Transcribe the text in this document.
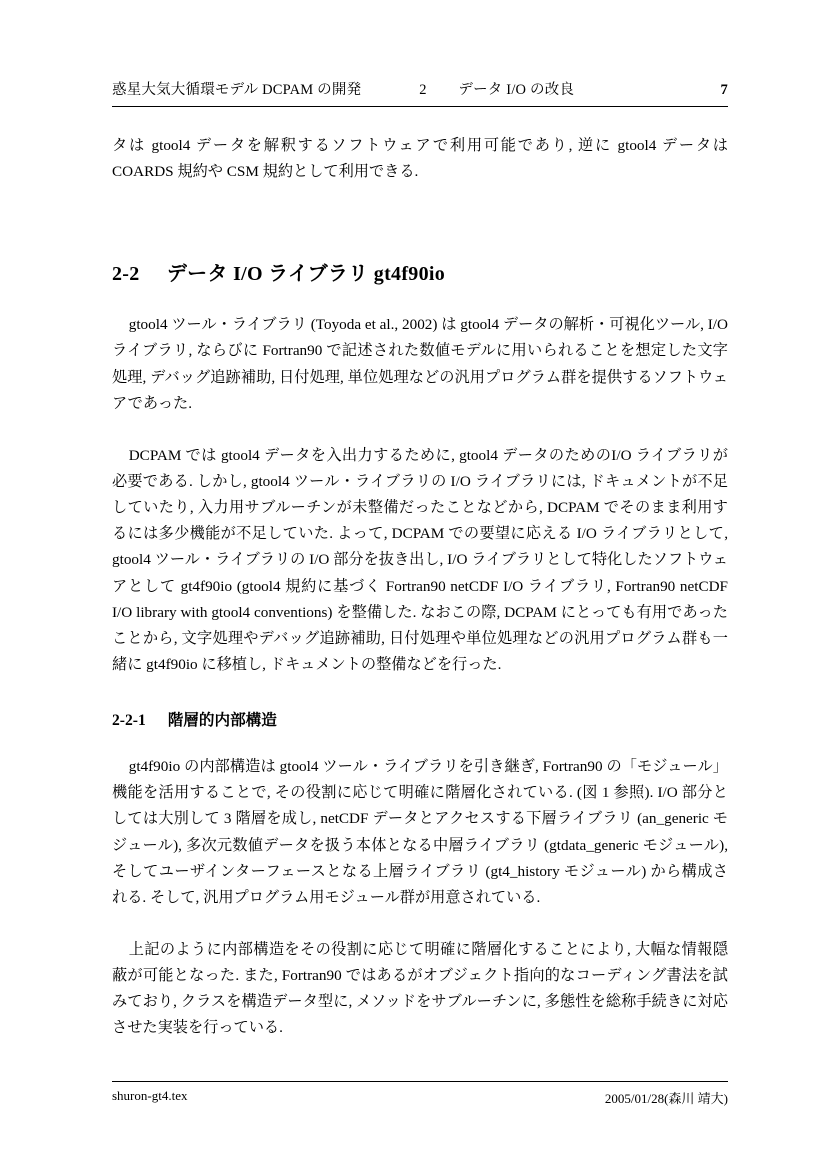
惑星大気大循環モデル DCPAM の開発	2 データ I/O の改良	7

タは gtool4 データを解釈するソフトウェアで利用可能であり, 逆に gtool4 データは COARDS 規約や CSM 規約として利用できる.

2-2 データ I/O ライブラリ gt4f90io

gtool4 ツール・ライブラリ (Toyoda et al., 2002) は gtool4 データの解析・可視化ツール, I/O ライブラリ, ならびに Fortran90 で記述された数値モデルに用いられることを想定した文字処理, デバッグ追跡補助, 日付処理, 単位処理などの汎用プログラム群を提供するソフトウェアであった.

DCPAM では gtool4 データを入出力するために, gtool4 データのためのI/O ライブラリが必要である. しかし, gtool4 ツール・ライブラリの I/O ライブラリには, ドキュメントが不足していたり, 入力用サブルーチンが未整備だったことなどから, DCPAM でそのまま利用するには多少機能が不足していた. よって, DCPAM での要望に応える I/O ライブラリとして, gtool4 ツール・ライブラリの I/O 部分を抜き出し, I/O ライブラリとして特化したソフトウェアとして gt4f90io (gtool4 規約に基づく Fortran90 netCDF I/O ライブラリ, Fortran90 netCDF I/O library with gtool4 conventions) を整備した. なおこの際, DCPAM にとっても有用であったことから, 文字処理やデバッグ追跡補助, 日付処理や単位処理などの汎用プログラム群も一緒に gt4f90io に移植し, ドキュメントの整備などを行った.

2-2-1 階層的内部構造

gt4f90io の内部構造は gtool4 ツール・ライブラリを引き継ぎ, Fortran90 の「モジュール」機能を活用することで, その役割に応じて明確に階層化されている. (図 1 参照). I/O 部分としては大別して 3 階層を成し, netCDF データとアクセスする下層ライブラリ (an_generic モジュール), 多次元数値データを扱う本体となる中層ライブラリ (gtdata_generic モジュール), そしてユーザインターフェースとなる上層ライブラリ (gt4_history モジュール) から構成される. そして, 汎用プログラム用モジュール群が用意されている.

上記のように内部構造をその役割に応じて明確に階層化することにより, 大幅な情報隠蔽が可能となった. また, Fortran90 ではあるがオブジェクト指向的なコーディング書法を試みており, クラスを構造データ型に, メソッドをサブルーチンに, 多態性を総称手続きに対応させた実装を行っている.

shuron-gt4.tex	2005/01/28(森川 靖大)
